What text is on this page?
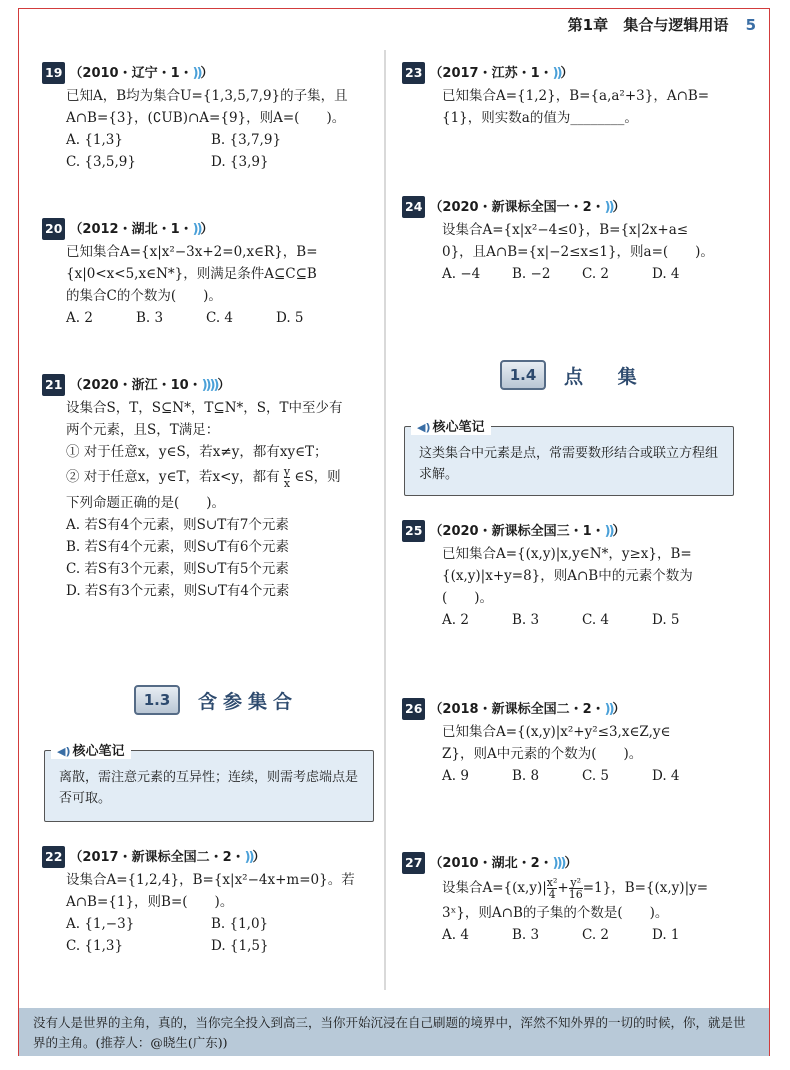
第1章 集合与逻辑用语 5
19 （2010・辽宁・1・))）
已知A，B均为集合U={1,3,5,7,9}的子集，且
A∩B={3}，(∁UB)∩A={9}，则A=(　　)。
A. {1,3}	B. {3,7,9}
C. {3,5,9}	D. {3,9}
20 （2012・湖北・1・))）
已知集合A={x|x²−3x+2=0,x∈R}，B=
{x|0<x<5,x∈N*}，则满足条件A⊆C⊆B
的集合C的个数为(　　)。
A. 2	B. 3	C. 4	D. 5
21 （2020・浙江・10・))))）
设集合S，T，S⊆N*，T⊆N*，S，T中至少有
两个元素，且S，T满足：
① 对于任意x，y∈S，若x≠y，都有xy∈T；
② 对于任意x，y∈T，若x<y，都有 $\frac{y}{x}$ ∈S，则
下列命题正确的是(　　)。
A. 若S有4个元素，则S∪T有7个元素
B. 若S有4个元素，则S∪T有6个元素
C. 若S有3个元素，则S∪T有5个元素
D. 若S有3个元素，则S∪T有4个元素
1.3	含参集合
◀) 核心笔记
离散，需注意元素的互异性；连续，则需考虑端点是否可取。
22 （2017・新课标全国二・2・))）
设集合A={1,2,4}，B={x|x²−4x+m=0}。若
A∩B={1}，则B=(　　)。
A. {1,−3}	B. {1,0}
C. {1,3}	D. {1,5}
23 （2017・江苏・1・))）
已知集合A={1,2}，B={a,a²+3}，A∩B=
{1}，则实数a的值为________。
24 （2020・新课标全国一・2・))）
设集合A={x|x²−4≤0}，B={x|2x+a≤
0}，且A∩B={x|−2≤x≤1}，则a=(　　)。
A. −4	B. −2	C. 2	D. 4
1.4	点 集
◀) 核心笔记
这类集合中元素是点，常需要数形结合或联立方程组求解。
25 （2020・新课标全国三・1・))）
已知集合A={(x,y)|x,y∈N*，y≥x}，B=
{(x,y)|x+y=8}，则A∩B中的元素个数为
(　　)。
A. 2	B. 3	C. 4	D. 5
26 （2018・新课标全国二・2・))）
已知集合A={(x,y)|x²+y²≤3,x∈Z,y∈
Z}，则A中元素的个数为(　　)。
A. 9	B. 8	C. 5	D. 4
27 （2010・湖北・2・)))）
设集合$A=\{(x,y)| \frac{\text{x²}}{4} + \frac{\text{y²}}{16} =1\}$，B={(x,y)|y=
3ˣ}，则A∩B的子集的个数是(　　)。
A. 4	B. 3	C. 2	D. 1
没有人是世界的主角，真的，当你完全投入到高三，当你开始沉浸在自己刷题的境界中，浑然不知外界的一切的时候，你，就是世界的主角。(推荐人：@晓生(广东))
